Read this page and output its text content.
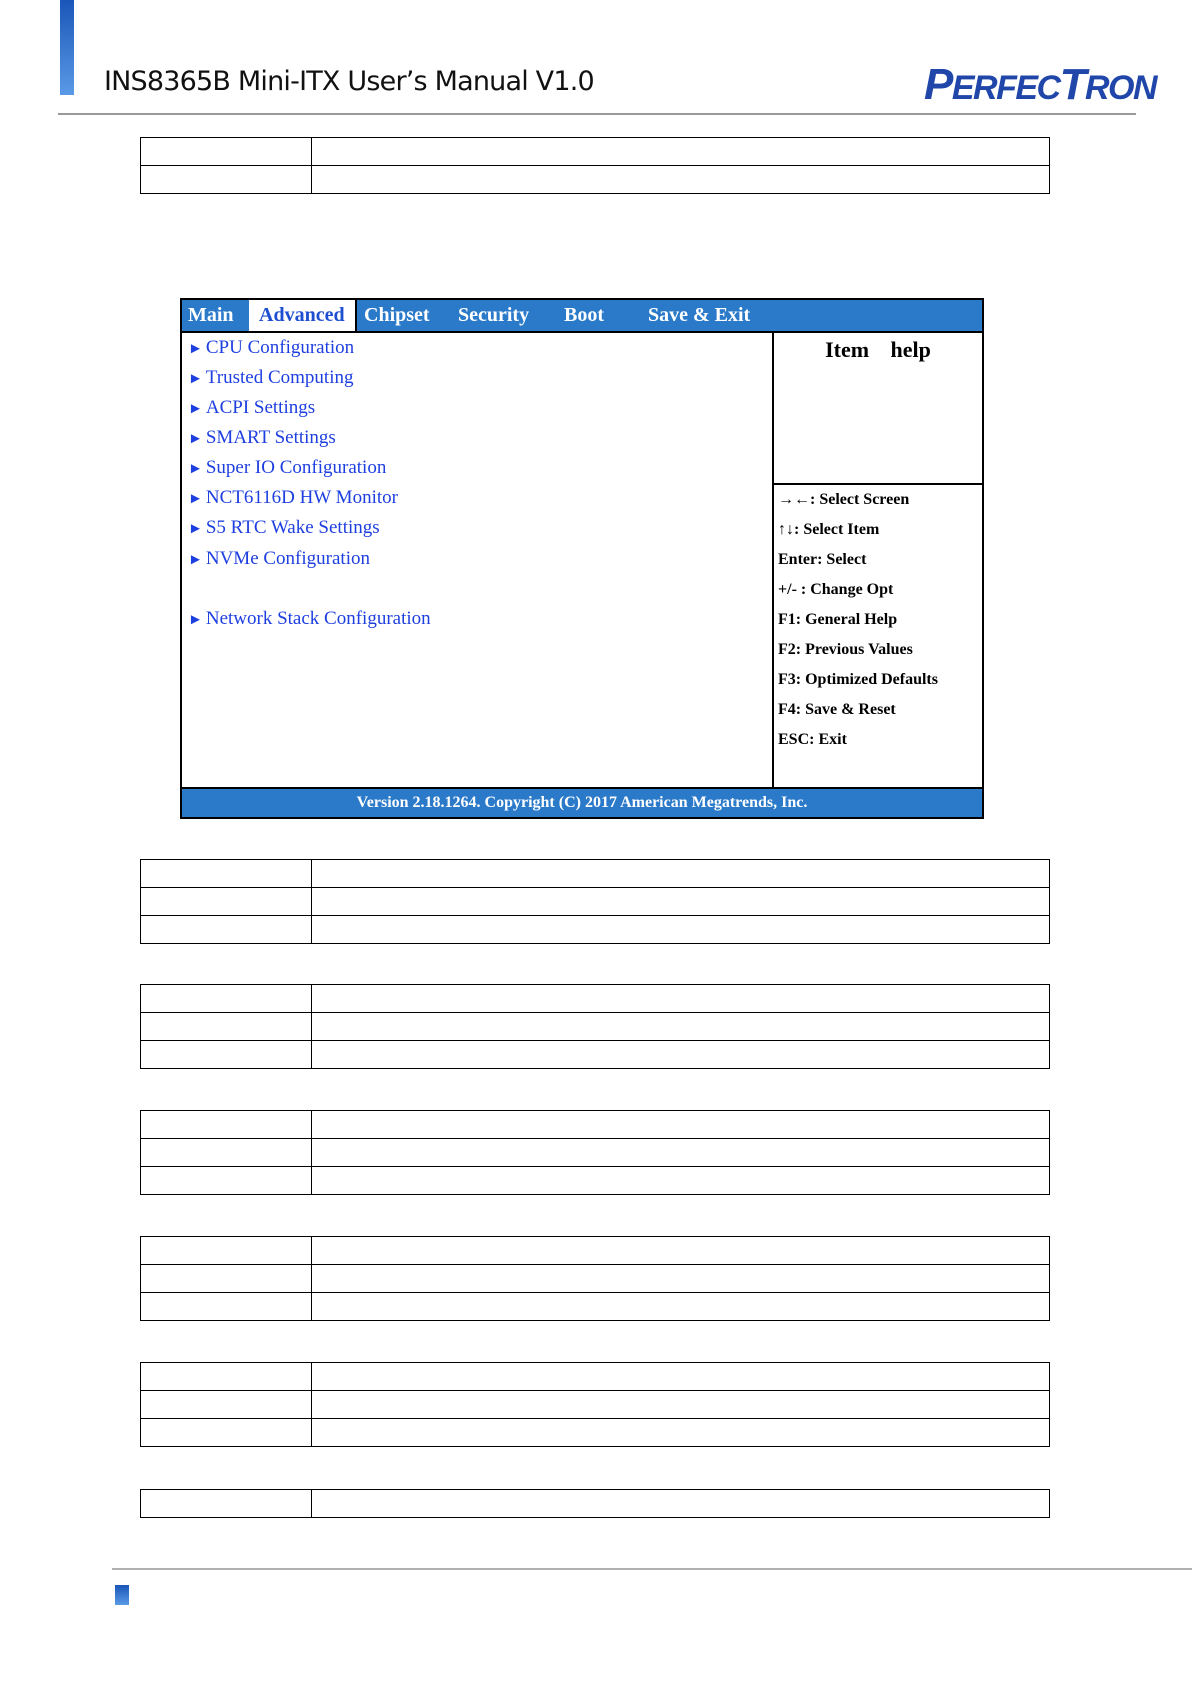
INS8365B Mini-ITX User’s Manual V1.0	PERFECTRON

Main	Advanced Chipset Security Boot Save & Exit
► CPU Configuration
► Trusted Computing
► ACPI Settings
► SMART Settings
► Super IO Configuration
► NCT6116D HW Monitor
► S5 RTC Wake Settings
► NVMe Configuration
► Network Stack Configuration
Item help
→←: Select Screen
↑↓: Select Item
Enter: Select
+/- : Change Opt
F1: General Help
F2: Previous Values
F3: Optimized Defaults
F4: Save & Reset
ESC: Exit
Version 2.18.1264. Copyright (C) 2017 American Megatrends, Inc.
